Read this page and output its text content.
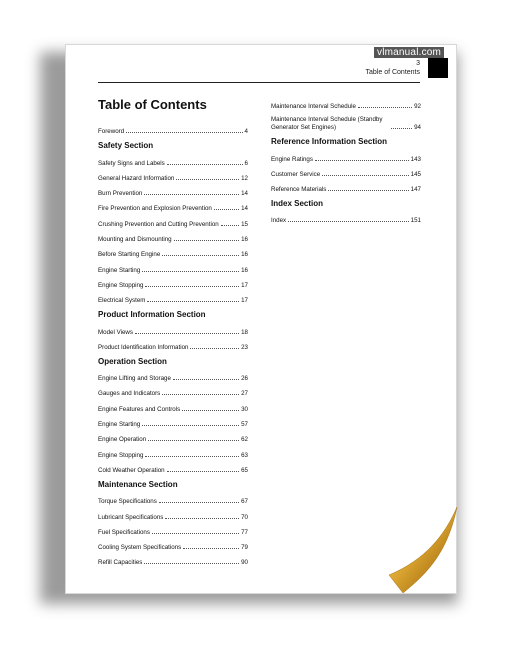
3
Table of Contents
Table of Contents
Foreword	4
Safety Section
Safety Signs and Labels	6
General Hazard Information	12
Burn Prevention	14
Fire Prevention and Explosion Prevention	14
Crushing Prevention and Cutting Prevention	15
Mounting and Dismounting	16
Before Starting Engine	16
Engine Starting	16
Engine Stopping	17
Electrical System	17
Product Information Section
Model Views	18
Product Identification Information	23
Operation Section
Engine Lifting and Storage	26
Gauges and Indicators	27
Engine Features and Controls	30
Engine Starting	57
Engine Operation	62
Engine Stopping	63
Cold Weather Operation	65
Maintenance Section
Torque Specifications	67
Lubricant Specifications	70
Fuel Specifications	77
Cooling System Specifications	79
Refill Capacities	90
Maintenance Interval Schedule	92
Maintenance Interval Schedule (Standby Generator Set Engines)	94
Reference Information Section
Engine Ratings	143
Customer Service	145
Reference Materials	147
Index Section
Index	151
vlmanual.com
